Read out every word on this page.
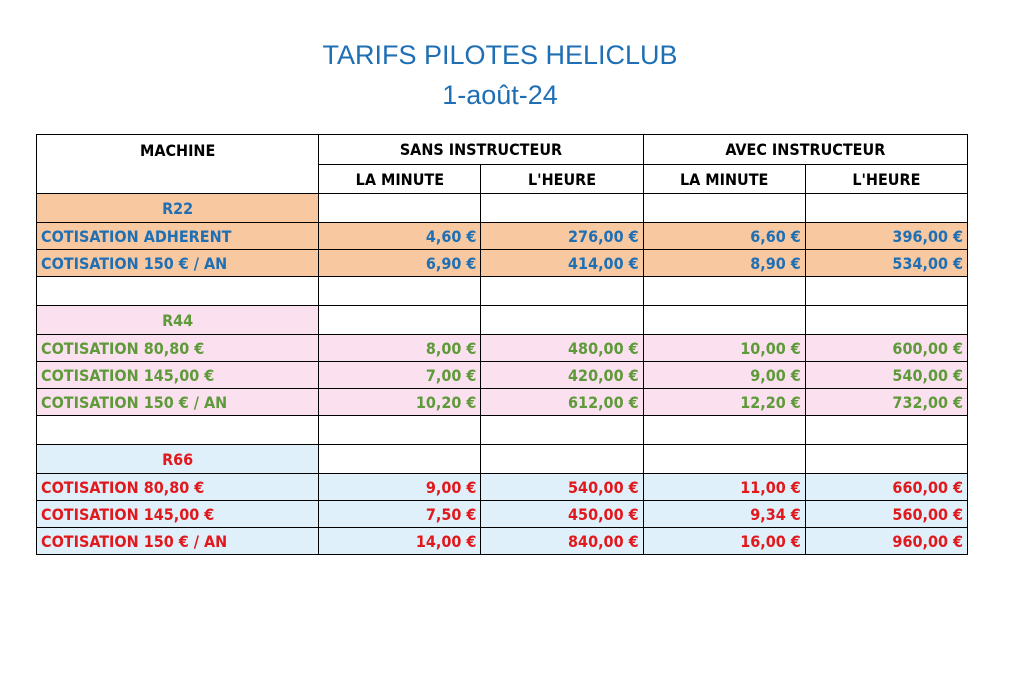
TARIFS PILOTES HELICLUB
1-août-24
MACHINE	SANS INSTRUCTEUR		AVEC INSTRUCTEUR	
	LA MINUTE	L'HEURE	LA MINUTE	L'HEURE
R22				
COTISATION ADHERENT	4,60 €	276,00 €	6,60 €	396,00 €
COTISATION 150 € / AN	6,90 €	414,00 €	8,90 €	534,00 €

R44				
COTISATION 80,80 €	8,00 €	480,00 €	10,00 €	600,00 €
COTISATION 145,00 €	7,00 €	420,00 €	9,00 €	540,00 €
COTISATION 150 € / AN	10,20 €	612,00 €	12,20 €	732,00 €

R66				
COTISATION 80,80 €	9,00 €	540,00 €	11,00 €	660,00 €
COTISATION 145,00 €	7,50 €	450,00 €	9,34 €	560,00 €
COTISATION 150 € / AN	14,00 €	840,00 €	16,00 €	960,00 €
